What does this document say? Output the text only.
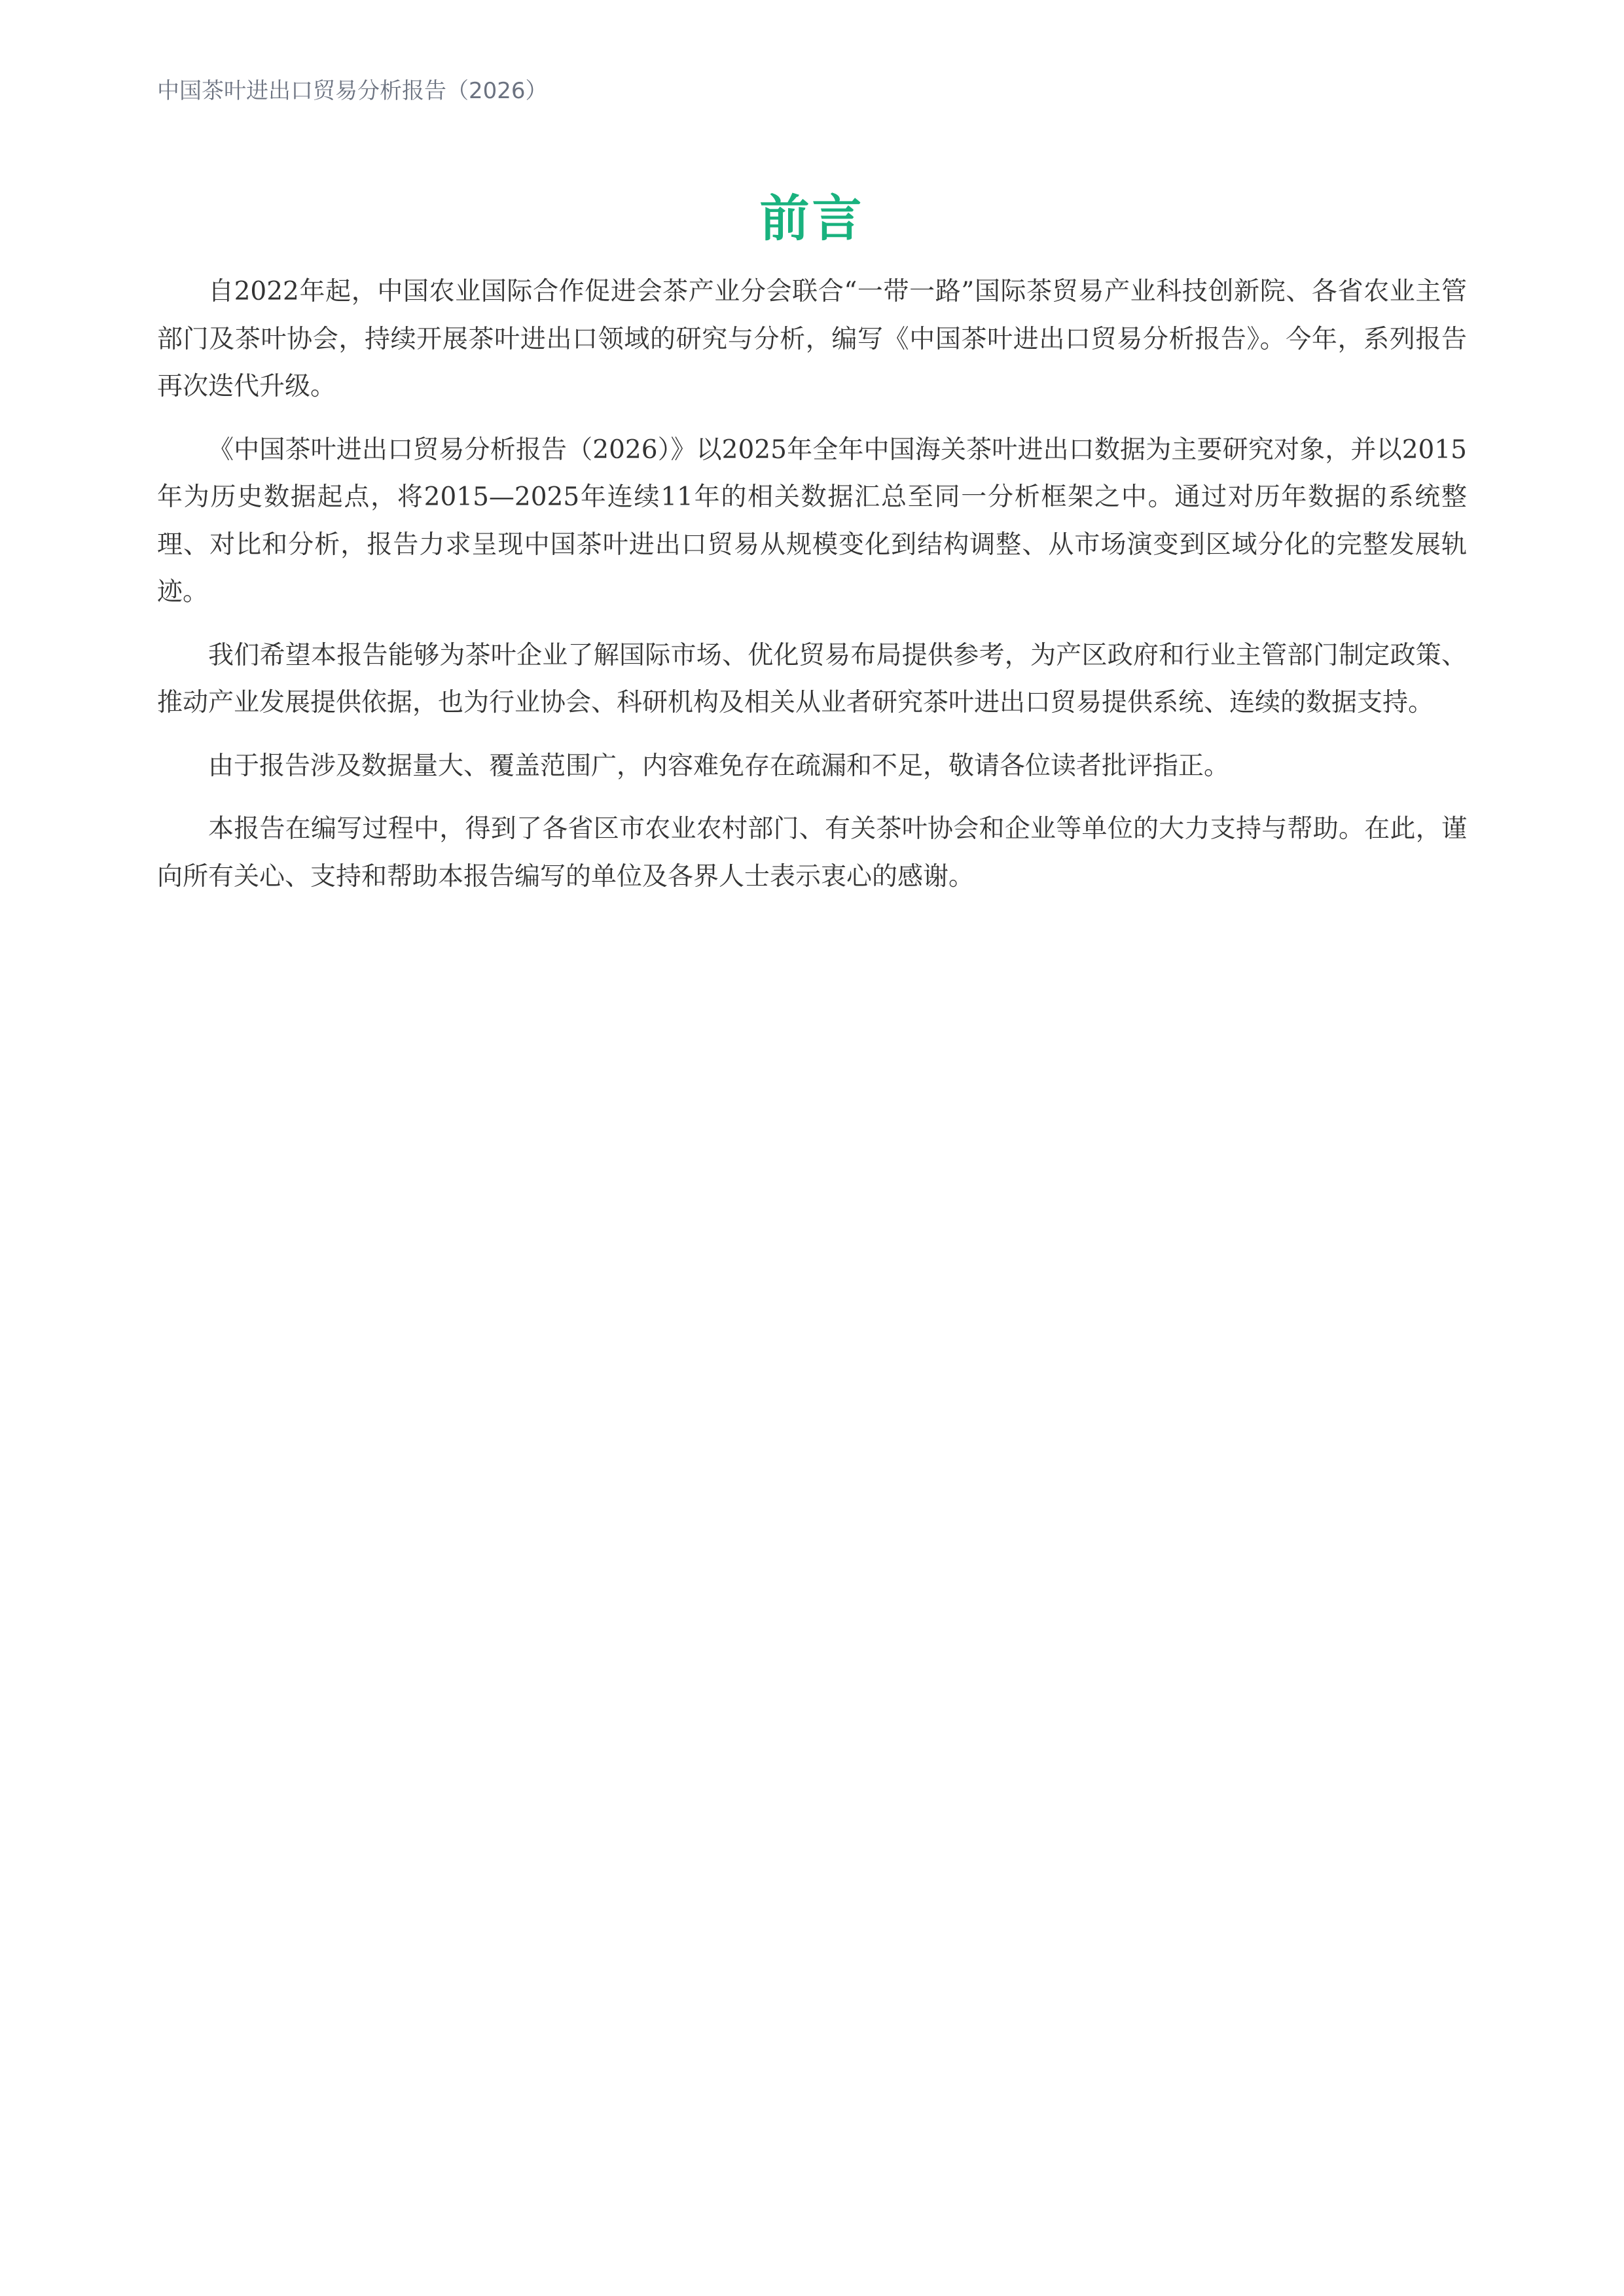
中国茶叶进出口贸易分析报告（2026）
前言

自2022年起，中国农业国际合作促进会茶产业分会联合“一带一路”国际茶贸易产业科技创新院、各省农业主管部门及茶叶协会，持续开展茶叶进出口领域的研究与分析，编写《中国茶叶进出口贸易分析报告》。今年，系列报告再次迭代升级。

《中国茶叶进出口贸易分析报告（2026）》以2025年全年中国海关茶叶进出口数据为主要研究对象，并以2015年为历史数据起点，将2015—2025年连续11年的相关数据汇总至同一分析框架之中。通过对历年数据的系统整理、对比和分析，报告力求呈现中国茶叶进出口贸易从规模变化到结构调整、从市场演变到区域分化的完整发展轨迹。

我们希望本报告能够为茶叶企业了解国际市场、优化贸易布局提供参考，为产区政府和行业主管部门制定政策、推动产业发展提供依据，也为行业协会、科研机构及相关从业者研究茶叶进出口贸易提供系统、连续的数据支持。

由于报告涉及数据量大、覆盖范围广，内容难免存在疏漏和不足，敬请各位读者批评指正。

本报告在编写过程中，得到了各省区市农业农村部门、有关茶叶协会和企业等单位的大力支持与帮助。在此，谨向所有关心、支持和帮助本报告编写的单位及各界人士表示衷心的感谢。
